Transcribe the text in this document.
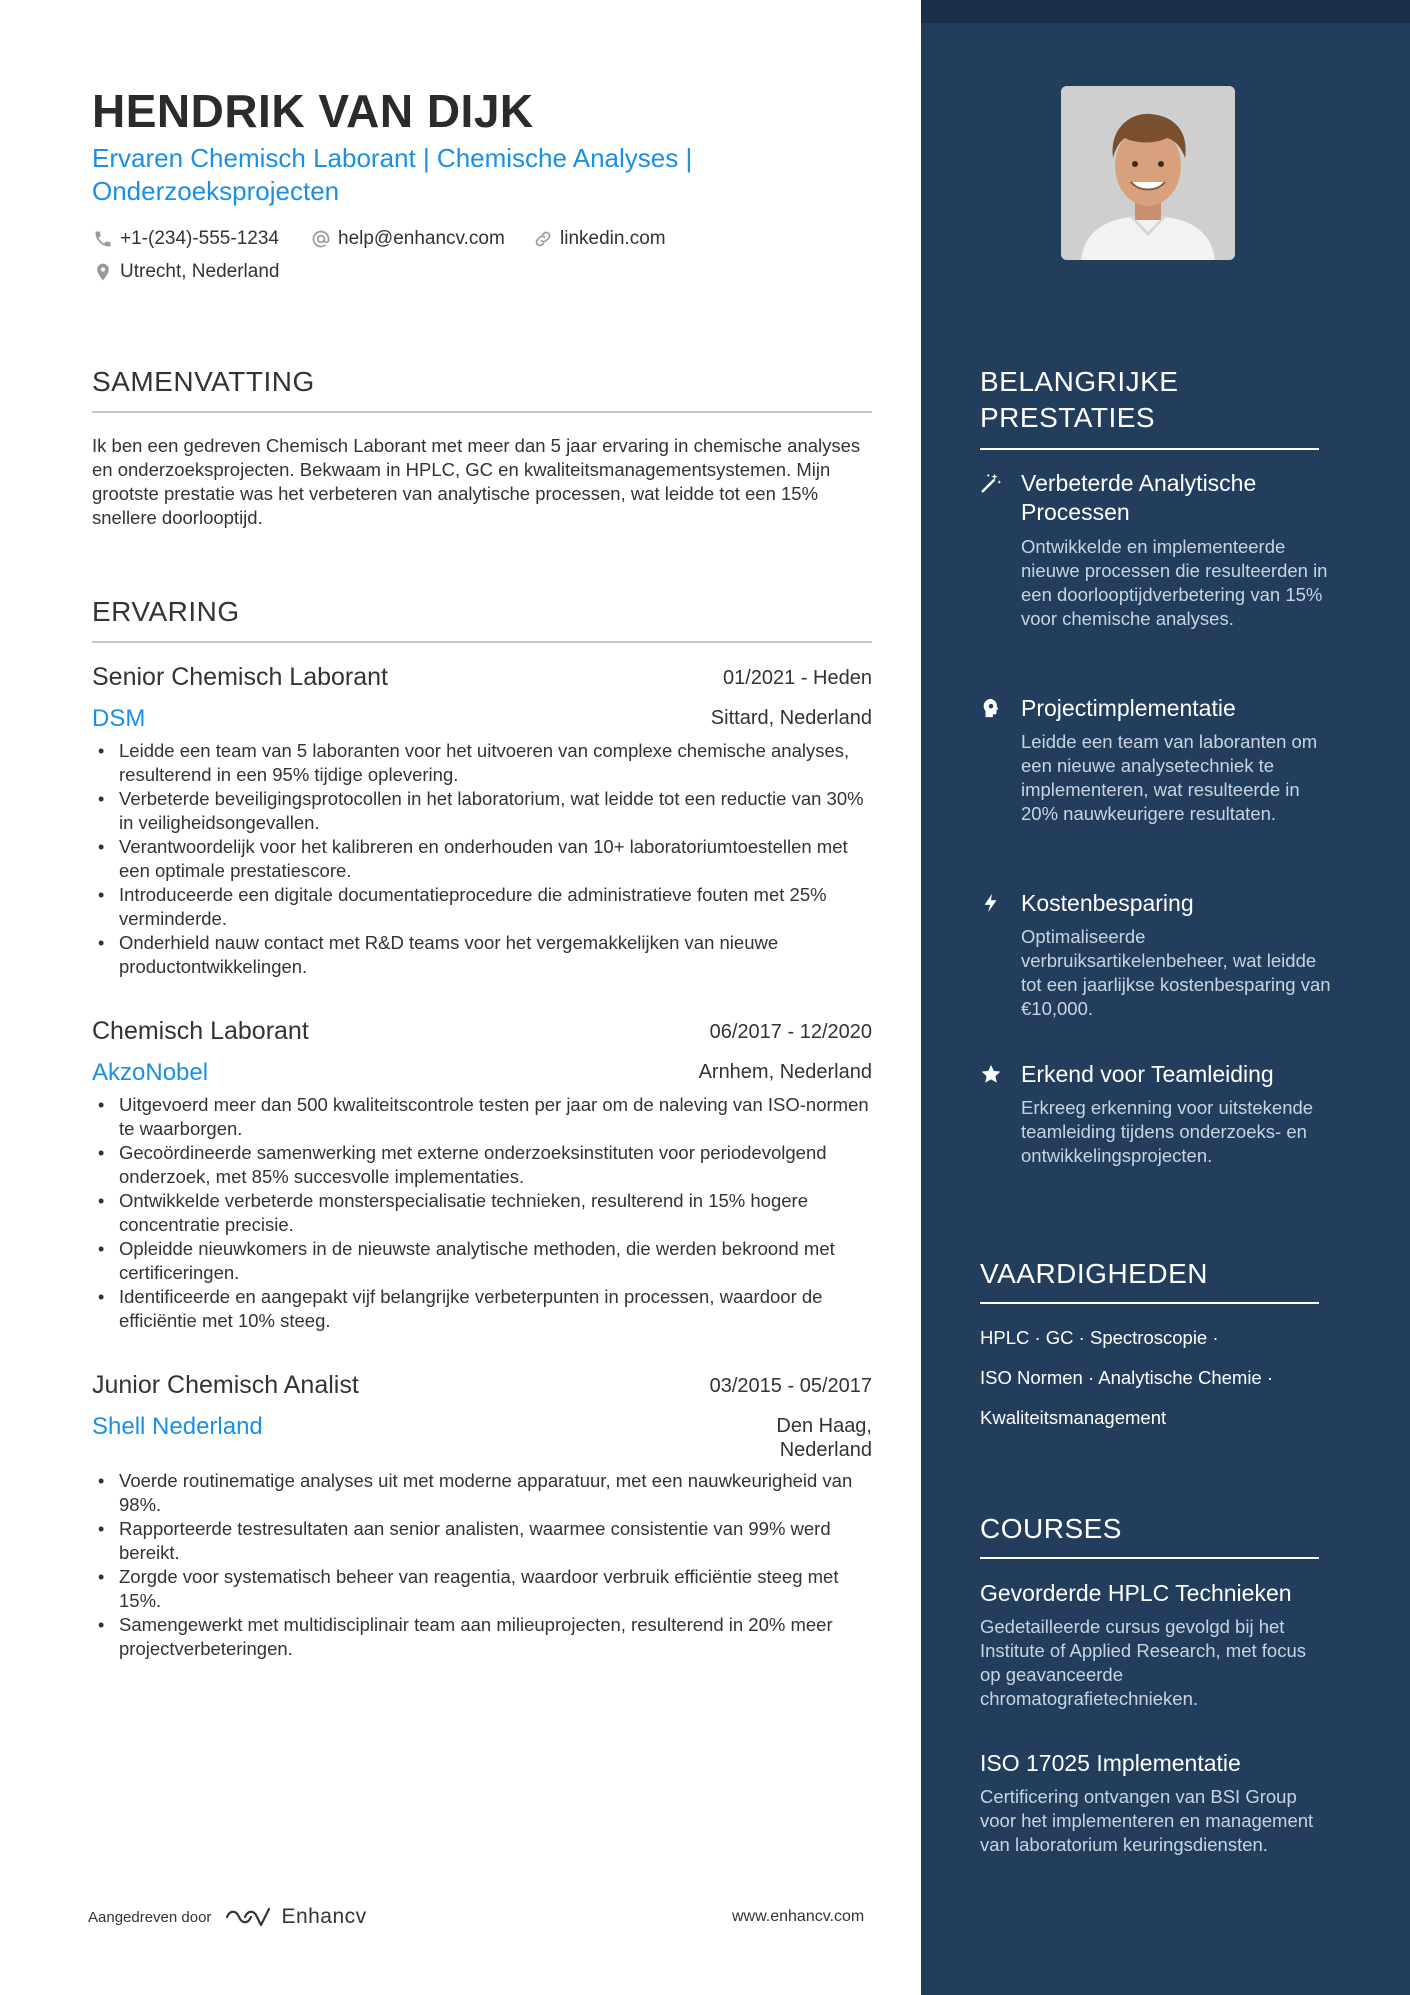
HENDRIK VAN DIJK
Ervaren Chemisch Laborant | Chemische Analyses |
Onderzoeksprojecten
+1-(234)-555-1234	help@enhancv.com	linkedin.com
Utrecht, Nederland
SAMENVATTING
Ik ben een gedreven Chemisch Laborant met meer dan 5 jaar ervaring in chemische analyses en onderzoeksprojecten. Bekwaam in HPLC, GC en kwaliteitsmanagementsystemen. Mijn grootste prestatie was het verbeteren van analytische processen, wat leidde tot een 15% snellere doorlooptijd.
ERVARING
Senior Chemisch Laborant	01/2021 - Heden
DSM	Sittard, Nederland
• Leidde een team van 5 laboranten voor het uitvoeren van complexe chemische analyses, resulterend in een 95% tijdige oplevering.
• Verbeterde beveiligingsprotocollen in het laboratorium, wat leidde tot een reductie van 30% in veiligheidsongevallen.
• Verantwoordelijk voor het kalibreren en onderhouden van 10+ laboratoriumtoestellen met een optimale prestatiescore.
• Introduceerde een digitale documentatieprocedure die administratieve fouten met 25% verminderde.
• Onderhield nauw contact met R&D teams voor het vergemakkelijken van nieuwe productontwikkelingen.
Chemisch Laborant	06/2017 - 12/2020
AkzoNobel	Arnhem, Nederland
• Uitgevoerd meer dan 500 kwaliteitscontrole testen per jaar om de naleving van ISO-normen te waarborgen.
• Gecoördineerde samenwerking met externe onderzoeksinstituten voor periodevolgend onderzoek, met 85% succesvolle implementaties.
• Ontwikkelde verbeterde monsterspecialisatie technieken, resulterend in 15% hogere concentratie precisie.
• Opleidde nieuwkomers in de nieuwste analytische methoden, die werden bekroond met certificeringen.
• Identificeerde en aangepakt vijf belangrijke verbeterpunten in processen, waardoor de efficiëntie met 10% steeg.
Junior Chemisch Analist	03/2015 - 05/2017
Shell Nederland	Den Haag,
Nederland
• Voerde routinematige analyses uit met moderne apparatuur, met een nauwkeurigheid van 98%.
• Rapporteerde testresultaten aan senior analisten, waarmee consistentie van 99% werd bereikt.
• Zorgde voor systematisch beheer van reagentia, waardoor verbruik efficiëntie steeg met 15%.
• Samengewerkt met multidisciplinair team aan milieuprojecten, resulterend in 20% meer projectverbeteringen.
Aangedreven door	Enhancv	www.enhancv.com
BELANGRIJKE
PRESTATIES
Verbeterde Analytische Processen
Ontwikkelde en implementeerde nieuwe processen die resulteerden in een doorlooptijdverbetering van 15% voor chemische analyses.
Projectimplementatie
Leidde een team van laboranten om een nieuwe analysetechniek te implementeren, wat resulteerde in 20% nauwkeurigere resultaten.
Kostenbesparing
Optimaliseerde verbruiksartikelenbeheer, wat leidde tot een jaarlijkse kostenbesparing van €10,000.
Erkend voor Teamleiding
Erkreeg erkenning voor uitstekende teamleiding tijdens onderzoeks- en ontwikkelingsprojecten.
VAARDIGHEDEN
HPLC · GC · Spectroscopie ·
ISO Normen · Analytische Chemie ·
Kwaliteitsmanagement
COURSES
Gevorderde HPLC Technieken
Gedetailleerde cursus gevolgd bij het Institute of Applied Research, met focus op geavanceerde chromatografietechnieken.
ISO 17025 Implementatie
Certificering ontvangen van BSI Group voor het implementeren en management van laboratorium keuringsdiensten.
